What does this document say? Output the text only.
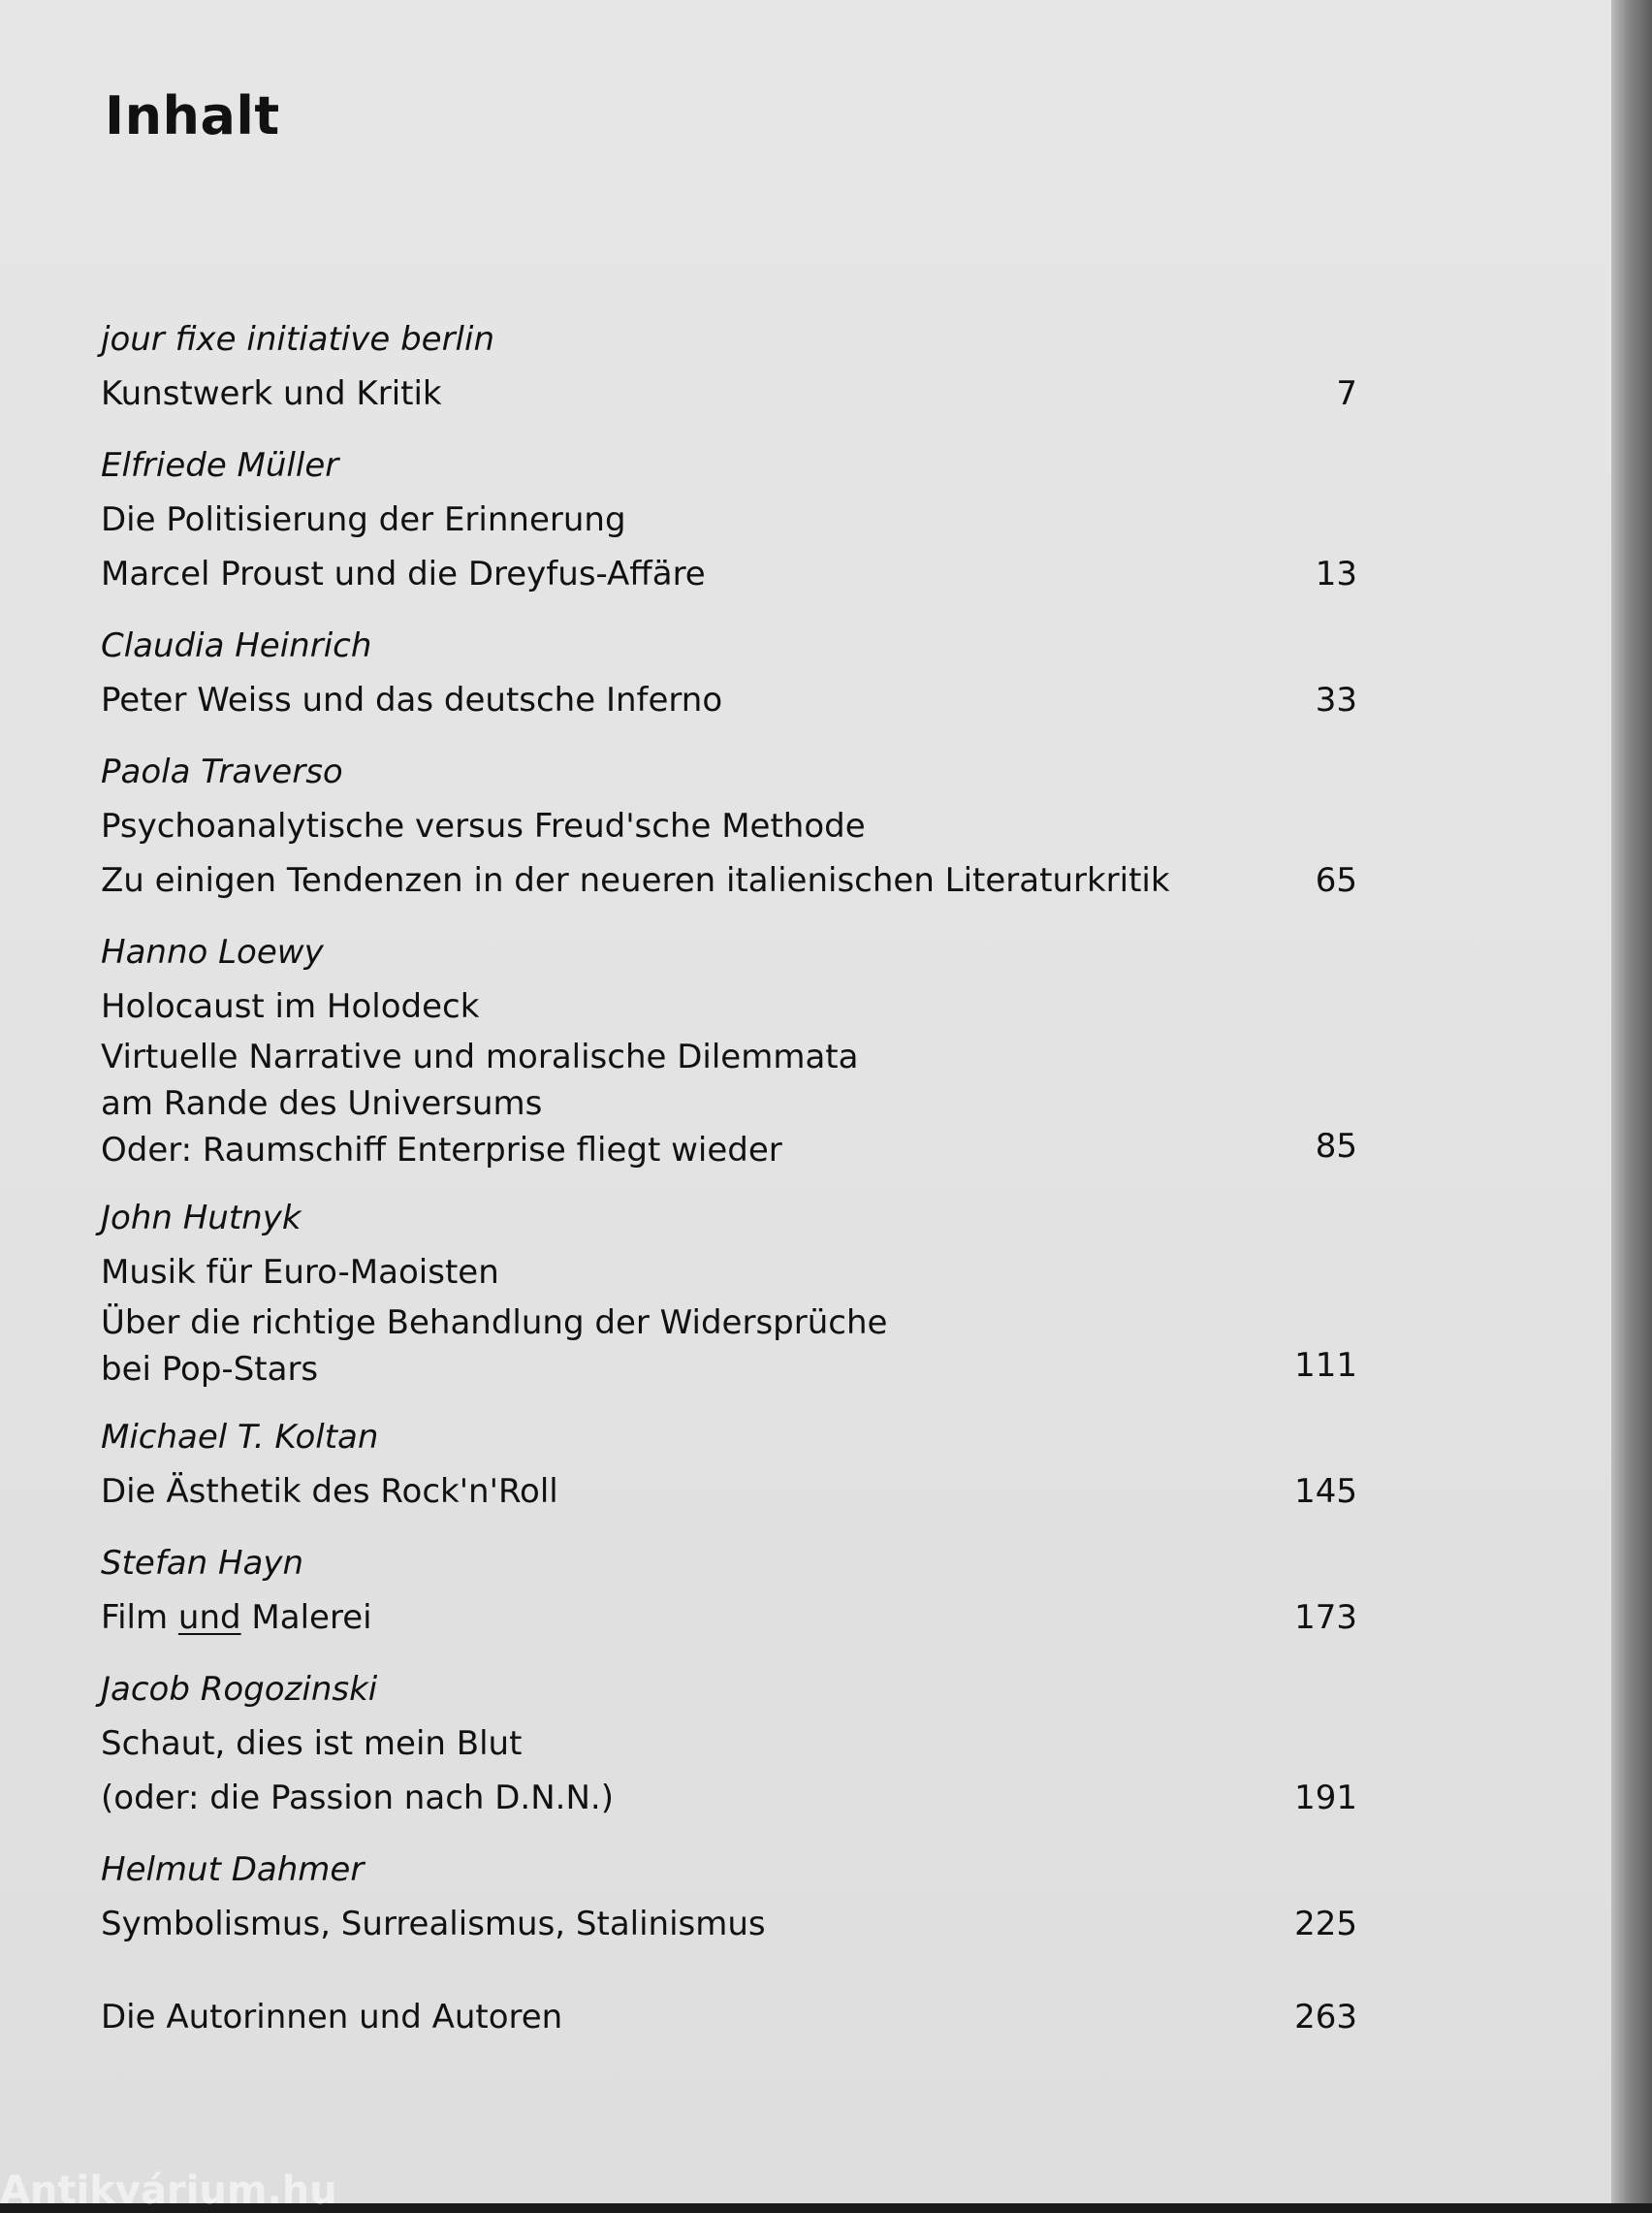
Inhalt
jour fixe initiative berlin
Kunstwerk und Kritik	7
Elfriede Müller
Die Politisierung der Erinnerung
Marcel Proust und die Dreyfus-Affäre	13
Claudia Heinrich
Peter Weiss und das deutsche Inferno	33
Paola Traverso
Psychoanalytische versus Freud'sche Methode
Zu einigen Tendenzen in der neueren italienischen Literaturkritik	65
Hanno Loewy
Holocaust im Holodeck
Virtuelle Narrative und moralische Dilemmata
am Rande des Universums
Oder: Raumschiff Enterprise fliegt wieder	85
John Hutnyk
Musik für Euro-Maoisten
Über die richtige Behandlung der Widersprüche
bei Pop-Stars	111
Michael T. Koltan
Die Ästhetik des Rock'n'Roll	145
Stefan Hayn
Film und Malerei	173
Jacob Rogozinski
Schaut, dies ist mein Blut
(oder: die Passion nach D.N.N.)	191
Helmut Dahmer
Symbolismus, Surrealismus, Stalinismus	225
Die Autorinnen und Autoren	263
Antikvárium.hu
